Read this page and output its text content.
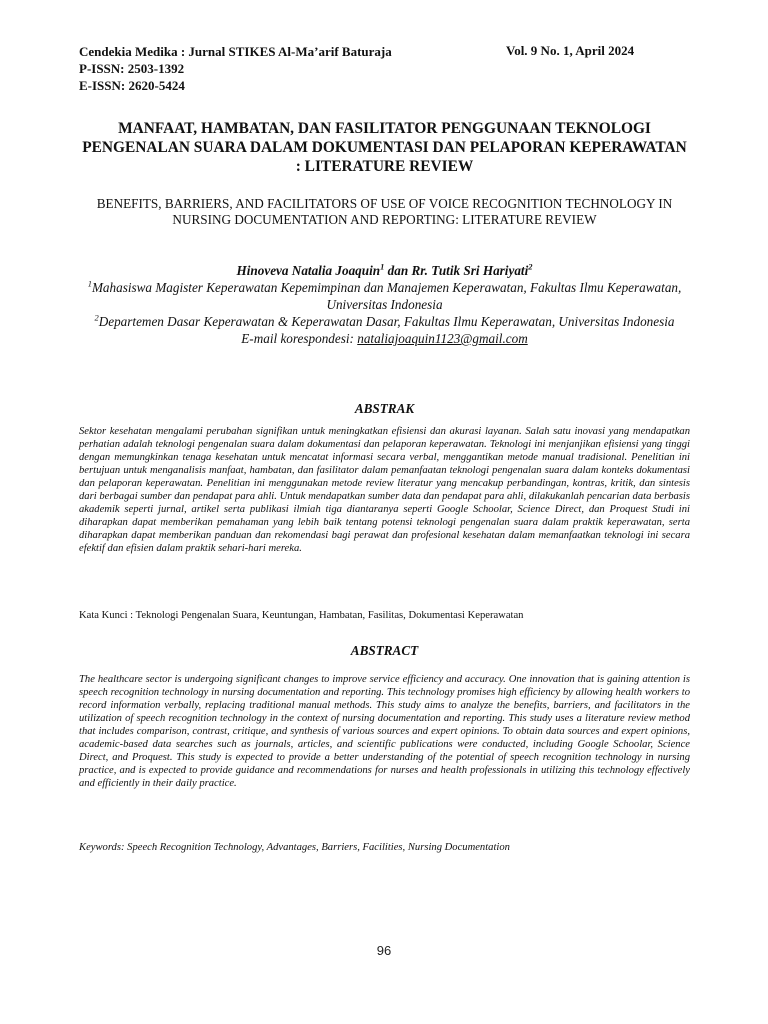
Cendekia Medika : Jurnal STIKES Al-Ma’arif Baturaja	Vol. 9 No. 1, April 2024
P-ISSN: 2503-1392
E-ISSN: 2620-5424
MANFAAT, HAMBATAN, DAN FASILITATOR PENGGUNAAN TEKNOLOGI PENGENALAN SUARA DALAM DOKUMENTASI DAN PELAPORAN KEPERAWATAN : LITERATURE REVIEW
BENEFITS, BARRIERS, AND FACILITATORS OF USE OF VOICE RECOGNITION TECHNOLOGY IN NURSING DOCUMENTATION AND REPORTING: LITERATURE REVIEW
Hinoveva Natalia Joaquin$^1$ dan Rr. Tutik Sri Hariyati$^2$
$^1$Mahasiswa Magister Keperawatan Kepemimpinan dan Manajemen Keperawatan, Fakultas Ilmu Keperawatan, Universitas Indonesia
$^2$Departemen Dasar Keperawatan & Keperawatan Dasar, Fakultas Ilmu Keperawatan, Universitas Indonesia
E-mail korespondesi: nataliajoaquin1123@gmail.com
ABSTRAK
Sektor kesehatan mengalami perubahan signifikan untuk meningkatkan efisiensi dan akurasi layanan. Salah satu inovasi yang mendapatkan perhatian adalah teknologi pengenalan suara dalam dokumentasi dan pelaporan keperawatan. Teknologi ini menjanjikan efisiensi yang tinggi dengan memungkinkan tenaga kesehatan untuk mencatat informasi secara verbal, menggantikan metode manual tradisional. Penelitian ini bertujuan untuk menganalisis manfaat, hambatan, dan fasilitator dalam pemanfaatan teknologi pengenalan suara dalam konteks dokumentasi dan pelaporan keperawatan. Penelitian ini menggunakan metode review literatur yang mencakup perbandingan, kontras, kritik, dan sintesis dari berbagai sumber dan pendapat para ahli. Untuk mendapatkan sumber data dan pendapat para ahli, dilakukanlah pencarian data berbasis akademik seperti jurnal, artikel serta publikasi ilmiah tiga diantaranya seperti Google Schoolar, Science Direct, dan Proquest Studi ini diharapkan dapat memberikan pemahaman yang lebih baik tentang potensi teknologi pengenalan suara dalam praktik keperawatan, serta diharapkan dapat memberikan panduan dan rekomendasi bagi perawat dan profesional kesehatan dalam memanfaatkan teknologi ini secara efektif dan efisien dalam praktik sehari-hari mereka.
Kata Kunci : Teknologi Pengenalan Suara, Keuntungan, Hambatan, Fasilitas, Dokumentasi Keperawatan
ABSTRACT
The healthcare sector is undergoing significant changes to improve service efficiency and accuracy. One innovation that is gaining attention is speech recognition technology in nursing documentation and reporting. This technology promises high efficiency by allowing health workers to record information verbally, replacing traditional manual methods. This study aims to analyze the benefits, barriers, and facilitators in the utilization of speech recognition technology in the context of nursing documentation and reporting. This study uses a literature review method that includes comparison, contrast, critique, and synthesis of various sources and expert opinions. To obtain data sources and expert opinions, academic-based data searches such as journals, articles, and scientific publications were conducted, including Google Schoolar, Science Direct, and Proquest. This study is expected to provide a better understanding of the potential of speech recognition technology in nursing practice, and is expected to provide guidance and recommendations for nurses and health professionals in utilizing this technology effectively and efficiently in their daily practice.
Keywords: Speech Recognition Technology, Advantages, Barriers, Facilities, Nursing Documentation
96
